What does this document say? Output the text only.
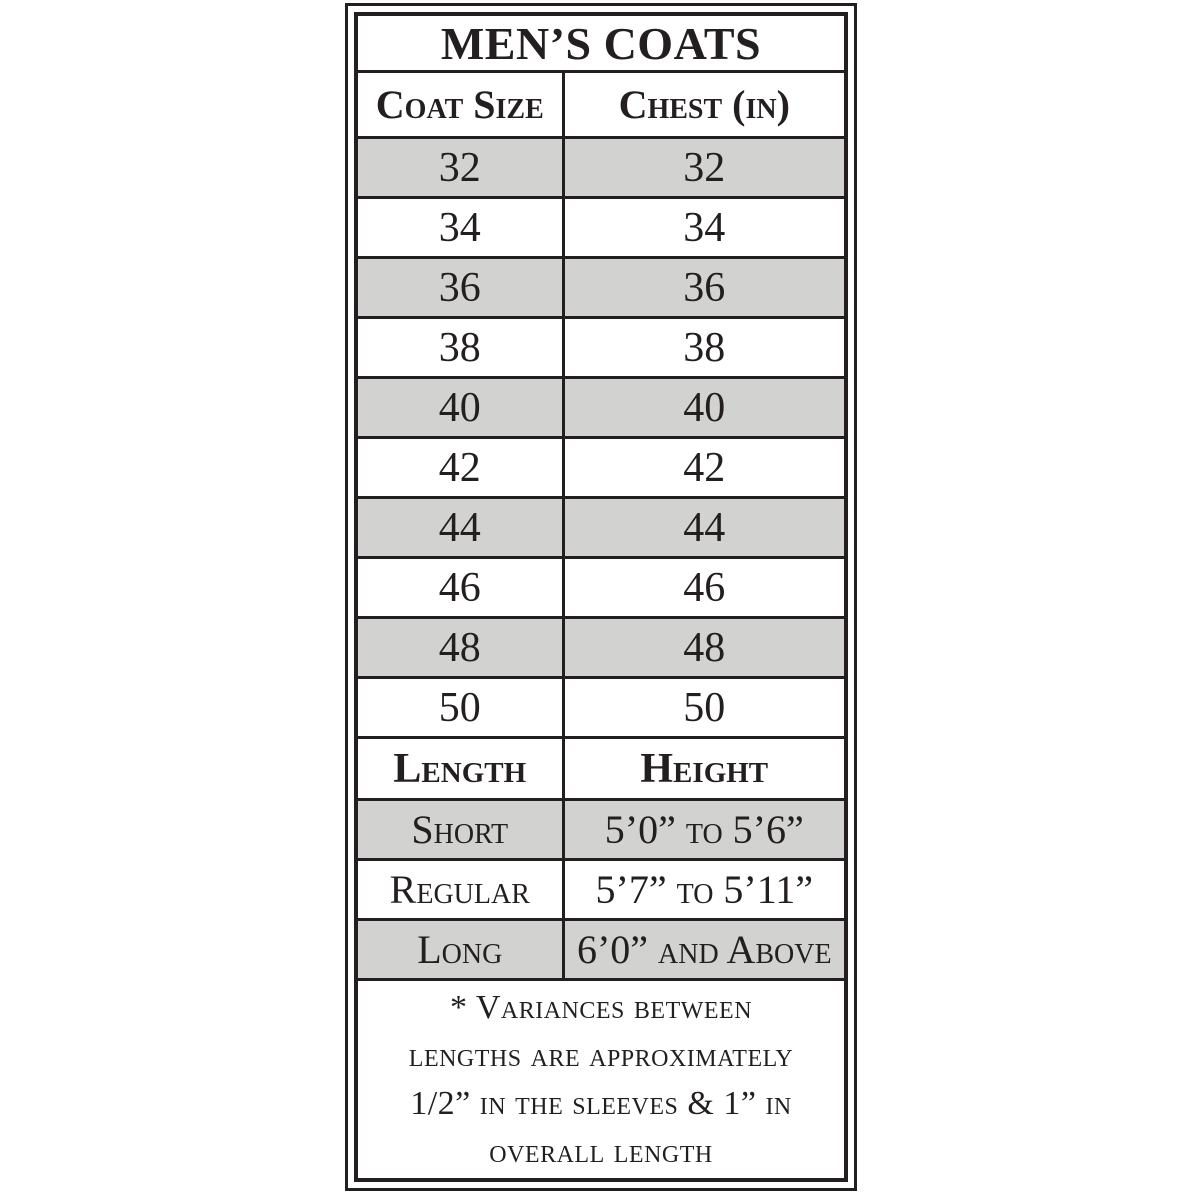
MEN’S COATS
Coat Size	Chest (in)
32	32
34	34
36	36
38	38
40	40
42	42
44	44
46	46
48	48
50	50
Length	Height
Short	5’0” to 5’6”
Regular	5’7” to 5’11”
Long	6’0” and Above
* Variances between
lengths are approximately
1/2” in the sleeves & 1” in
overall length
